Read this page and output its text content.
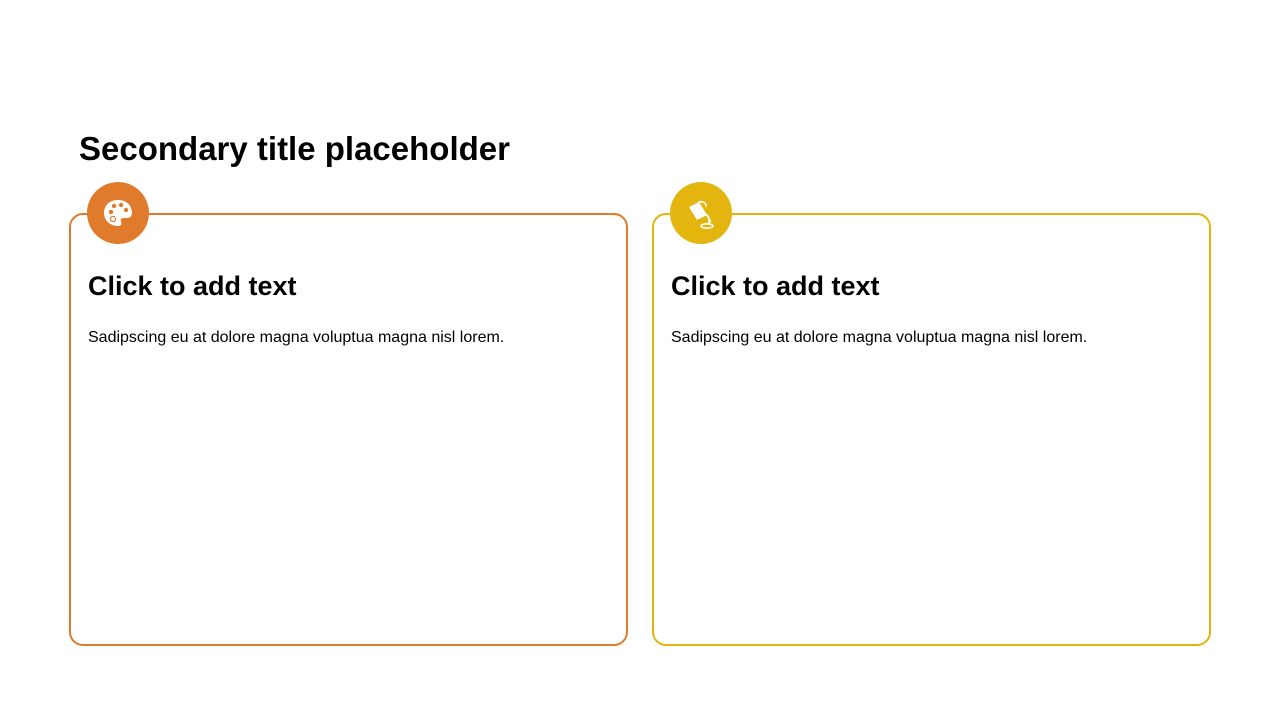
Secondary title placeholder
Click to add text

Sadipscing eu at dolore magna voluptua magna nisl lorem.

Click to add text

Sadipscing eu at dolore magna voluptua magna nisl lorem.
